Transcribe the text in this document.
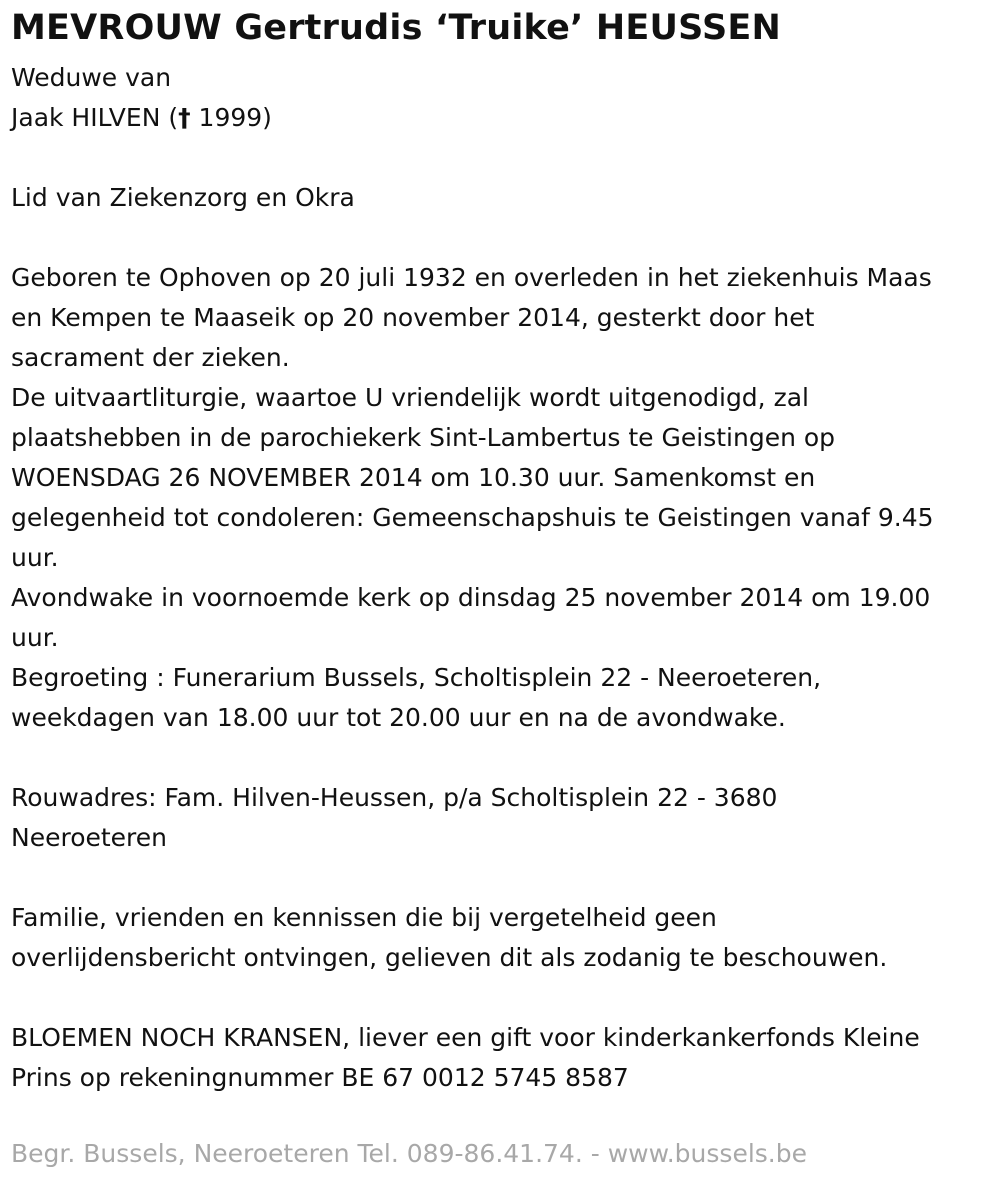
MEVROUW Gertrudis ‘Truike’ HEUSSEN
Weduwe van
Jaak HILVEN († 1999)
Lid van Ziekenzorg en Okra
Geboren te Ophoven op 20 juli 1932 en overleden in het ziekenhuis Maas
en Kempen te Maaseik op 20 november 2014, gesterkt door het
sacrament der zieken.
De uitvaartliturgie, waartoe U vriendelijk wordt uitgenodigd, zal
plaatshebben in de parochiekerk Sint-Lambertus te Geistingen op
WOENSDAG 26 NOVEMBER 2014 om 10.30 uur. Samenkomst en
gelegenheid tot condoleren: Gemeenschapshuis te Geistingen vanaf 9.45
uur.
Avondwake in voornoemde kerk op dinsdag 25 november 2014 om 19.00
uur.
Begroeting : Funerarium Bussels, Scholtisplein 22 - Neeroeteren,
weekdagen van 18.00 uur tot 20.00 uur en na de avondwake.
Rouwadres: Fam. Hilven-Heussen, p/a Scholtisplein 22 - 3680
Neeroeteren
Familie, vrienden en kennissen die bij vergetelheid geen
overlijdensbericht ontvingen, gelieven dit als zodanig te beschouwen.
BLOEMEN NOCH KRANSEN, liever een gift voor kinderkankerfonds Kleine
Prins op rekeningnummer BE 67 0012 5745 8587
Begr. Bussels, Neeroeteren Tel. 089-86.41.74. - www.bussels.be
